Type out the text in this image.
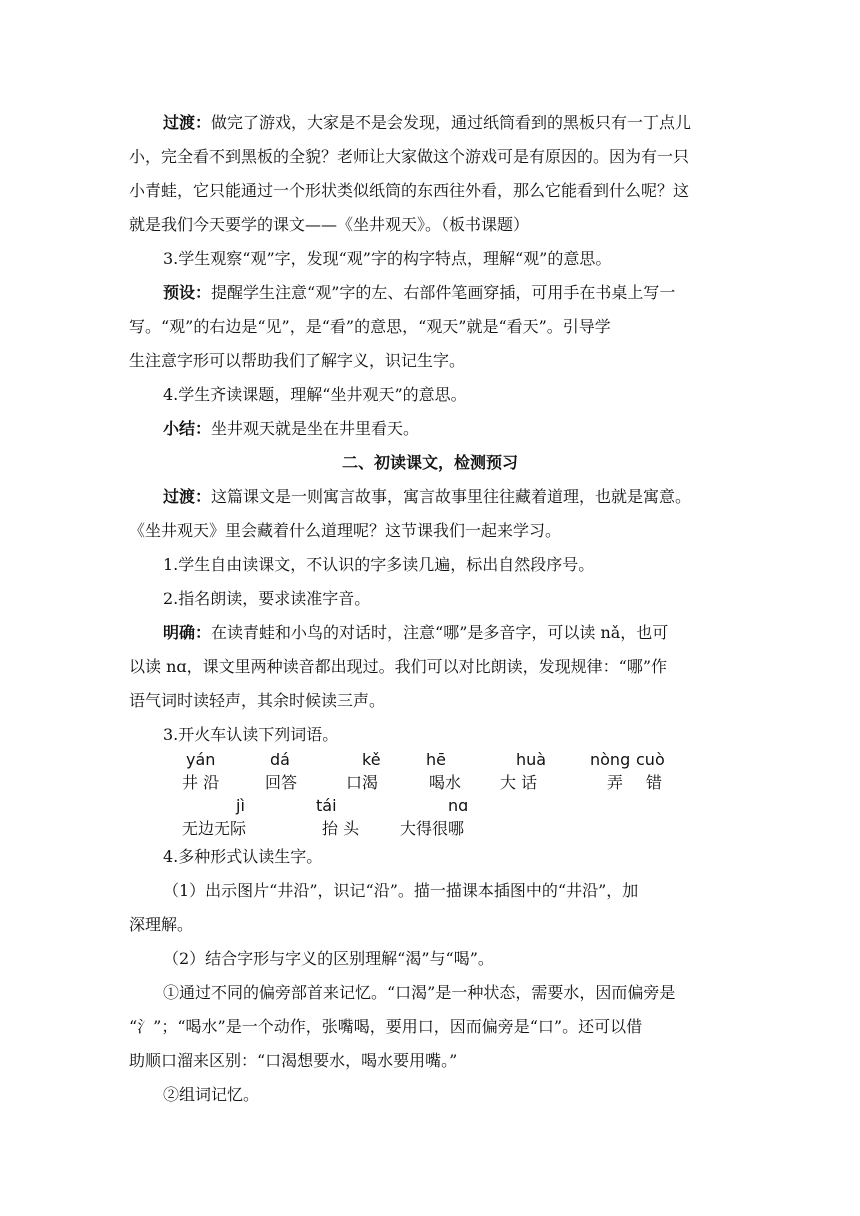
过渡：做完了游戏，大家是不是会发现，通过纸筒看到的黑板只有一丁点儿
小，完全看不到黑板的全貌？老师让大家做这个游戏可是有原因的。因为有一只
小青蛙，它只能通过一个形状类似纸筒的东西往外看，那么它能看到什么呢？这
就是我们今天要学的课文——《坐井观天》。（板书课题）
3.学生观察“观”字，发现“观”字的构字特点，理解“观”的意思。
预设：提醒学生注意“观”字的左、右部件笔画穿插，可用手在书桌上写一
写。“观”的右边是“见”，是“看”的意思，“观天”就是“看天”。引导学
生注意字形可以帮助我们了解字义，识记生字。
4.学生齐读课题，理解“坐井观天”的意思。
小结：坐井观天就是坐在井里看天。
二、初读课文，检测预习
过渡：这篇课文是一则寓言故事，寓言故事里往往藏着道理，也就是寓意。
《坐井观天》里会藏着什么道理呢？这节课我们一起来学习。
1.学生自由读课文，不认识的字多读几遍，标出自然段序号。
2.指名朗读，要求读准字音。
明确：在读青蛙和小鸟的对话时，注意“哪”是多音字，可以读 nǎ，也可
以读 nɑ，课文里两种读音都出现过。我们可以对比朗读，发现规律：“哪”作
语气词时读轻声，其余时候读三声。
3.开火车认读下列词语。
yán	dá	kě	hē	huà	nòng cuò
井 沿	回答	口渴	喝水 大 话	弄 错
jì	tái	nɑ
无边无际	抬 头	大得很哪
4.多种形式认读生字。
（1）出示图片“井沿”，识记“沿”。描一描课本插图中的“井沿”，加
深理解。
（2）结合字形与字义的区别理解“渴”与“喝”。
①通过不同的偏旁部首来记忆。“口渴”是一种状态，需要水，因而偏旁是
“氵”；“喝水”是一个动作，张嘴喝，要用口，因而偏旁是“口”。还可以借
助顺口溜来区别：“口渴想要水，喝水要用嘴。”
②组词记忆。
